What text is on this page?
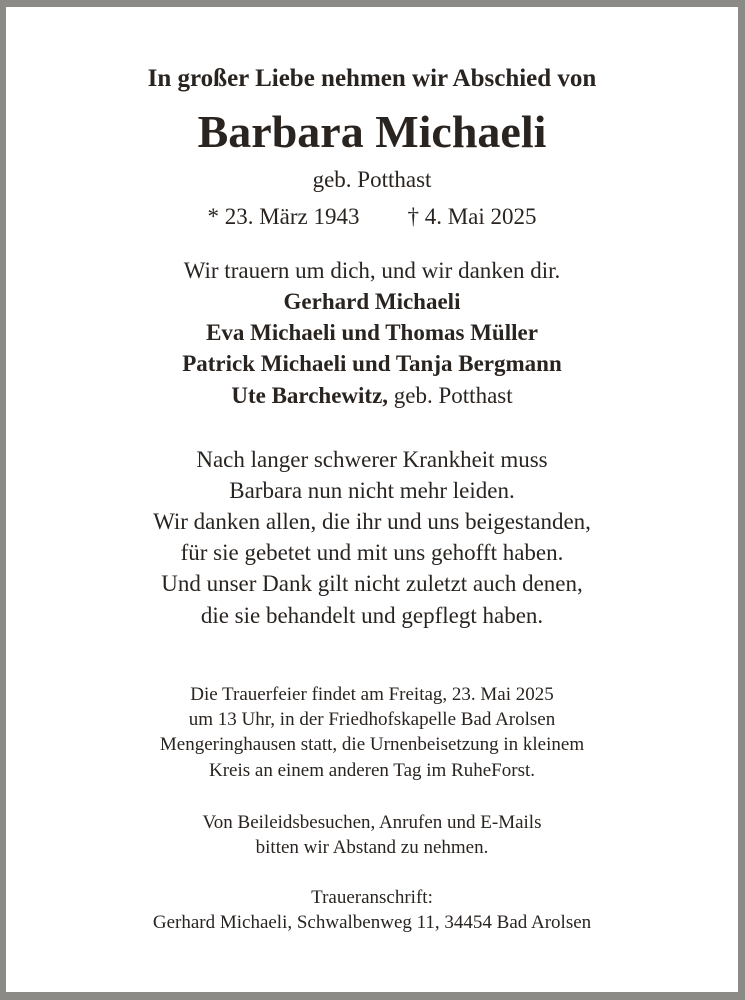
In großer Liebe nehmen wir Abschied von
Barbara Michaeli
geb. Potthast
* 23. März 1943 † 4. Mai 2025
Wir trauern um dich, und wir danken dir.
Gerhard Michaeli
Eva Michaeli und Thomas Müller
Patrick Michaeli und Tanja Bergmann
Ute Barchewitz, geb. Potthast
Nach langer schwerer Krankheit muss
Barbara nun nicht mehr leiden.
Wir danken allen, die ihr und uns beigestanden,
für sie gebetet und mit uns gehofft haben.
Und unser Dank gilt nicht zuletzt auch denen,
die sie behandelt und gepflegt haben.
Die Trauerfeier findet am Freitag, 23. Mai 2025
um 13 Uhr, in der Friedhofskapelle Bad Arolsen
Mengeringhausen statt, die Urnenbeisetzung in kleinem
Kreis an einem anderen Tag im RuheForst.
Von Beileidsbesuchen, Anrufen und E-Mails
bitten wir Abstand zu nehmen.
Traueranschrift:
Gerhard Michaeli, Schwalbenweg 11, 34454 Bad Arolsen
